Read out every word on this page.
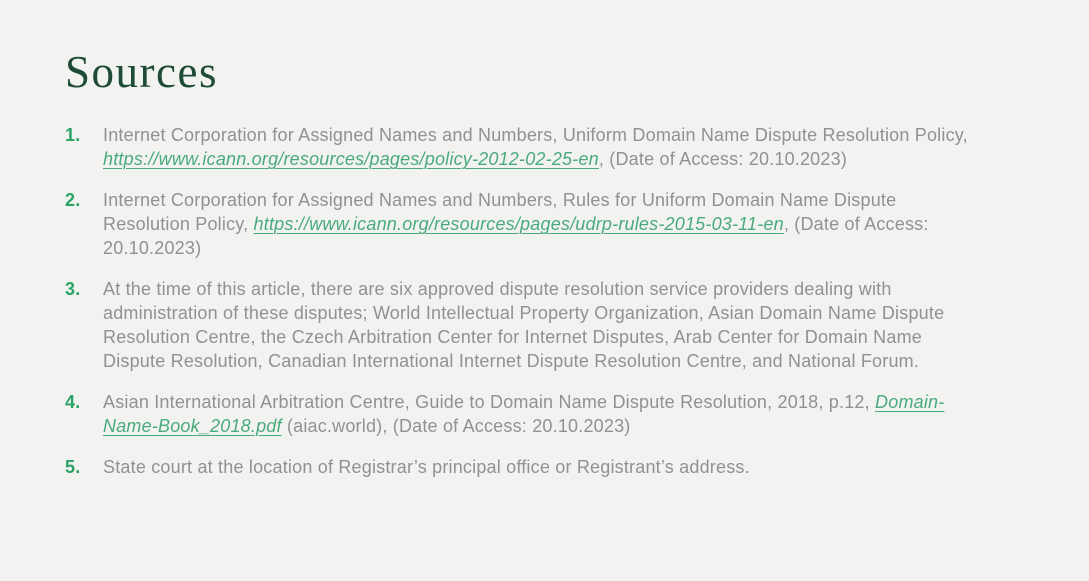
Sources
1.	Internet Corporation for Assigned Names and Numbers, Uniform Domain Name Dispute Resolution Policy, https://www.icann.org/resources/pages/policy-2012-02-25-en, (Date of Access: 20.10.2023)

2.	Internet Corporation for Assigned Names and Numbers, Rules for Uniform Domain Name Dispute Resolution Policy, https://www.icann.org/resources/pages/udrp-rules-2015-03-11-en, (Date of Access: 20.10.2023)

3.	At the time of this article, there are six approved dispute resolution service providers dealing with administration of these disputes; World Intellectual Property Organization, Asian Domain Name Dispute Resolution Centre, the Czech Arbitration Center for Internet Disputes, Arab Center for Domain Name Dispute Resolution, Canadian International Internet Dispute Resolution Centre, and National Forum.

4.	Asian International Arbitration Centre, Guide to Domain Name Dispute Resolution, 2018, p.12, Domain-Name-Book_2018.pdf (aiac.world), (Date of Access: 20.10.2023)

5.	State court at the location of Registrar’s principal office or Registrant’s address.
